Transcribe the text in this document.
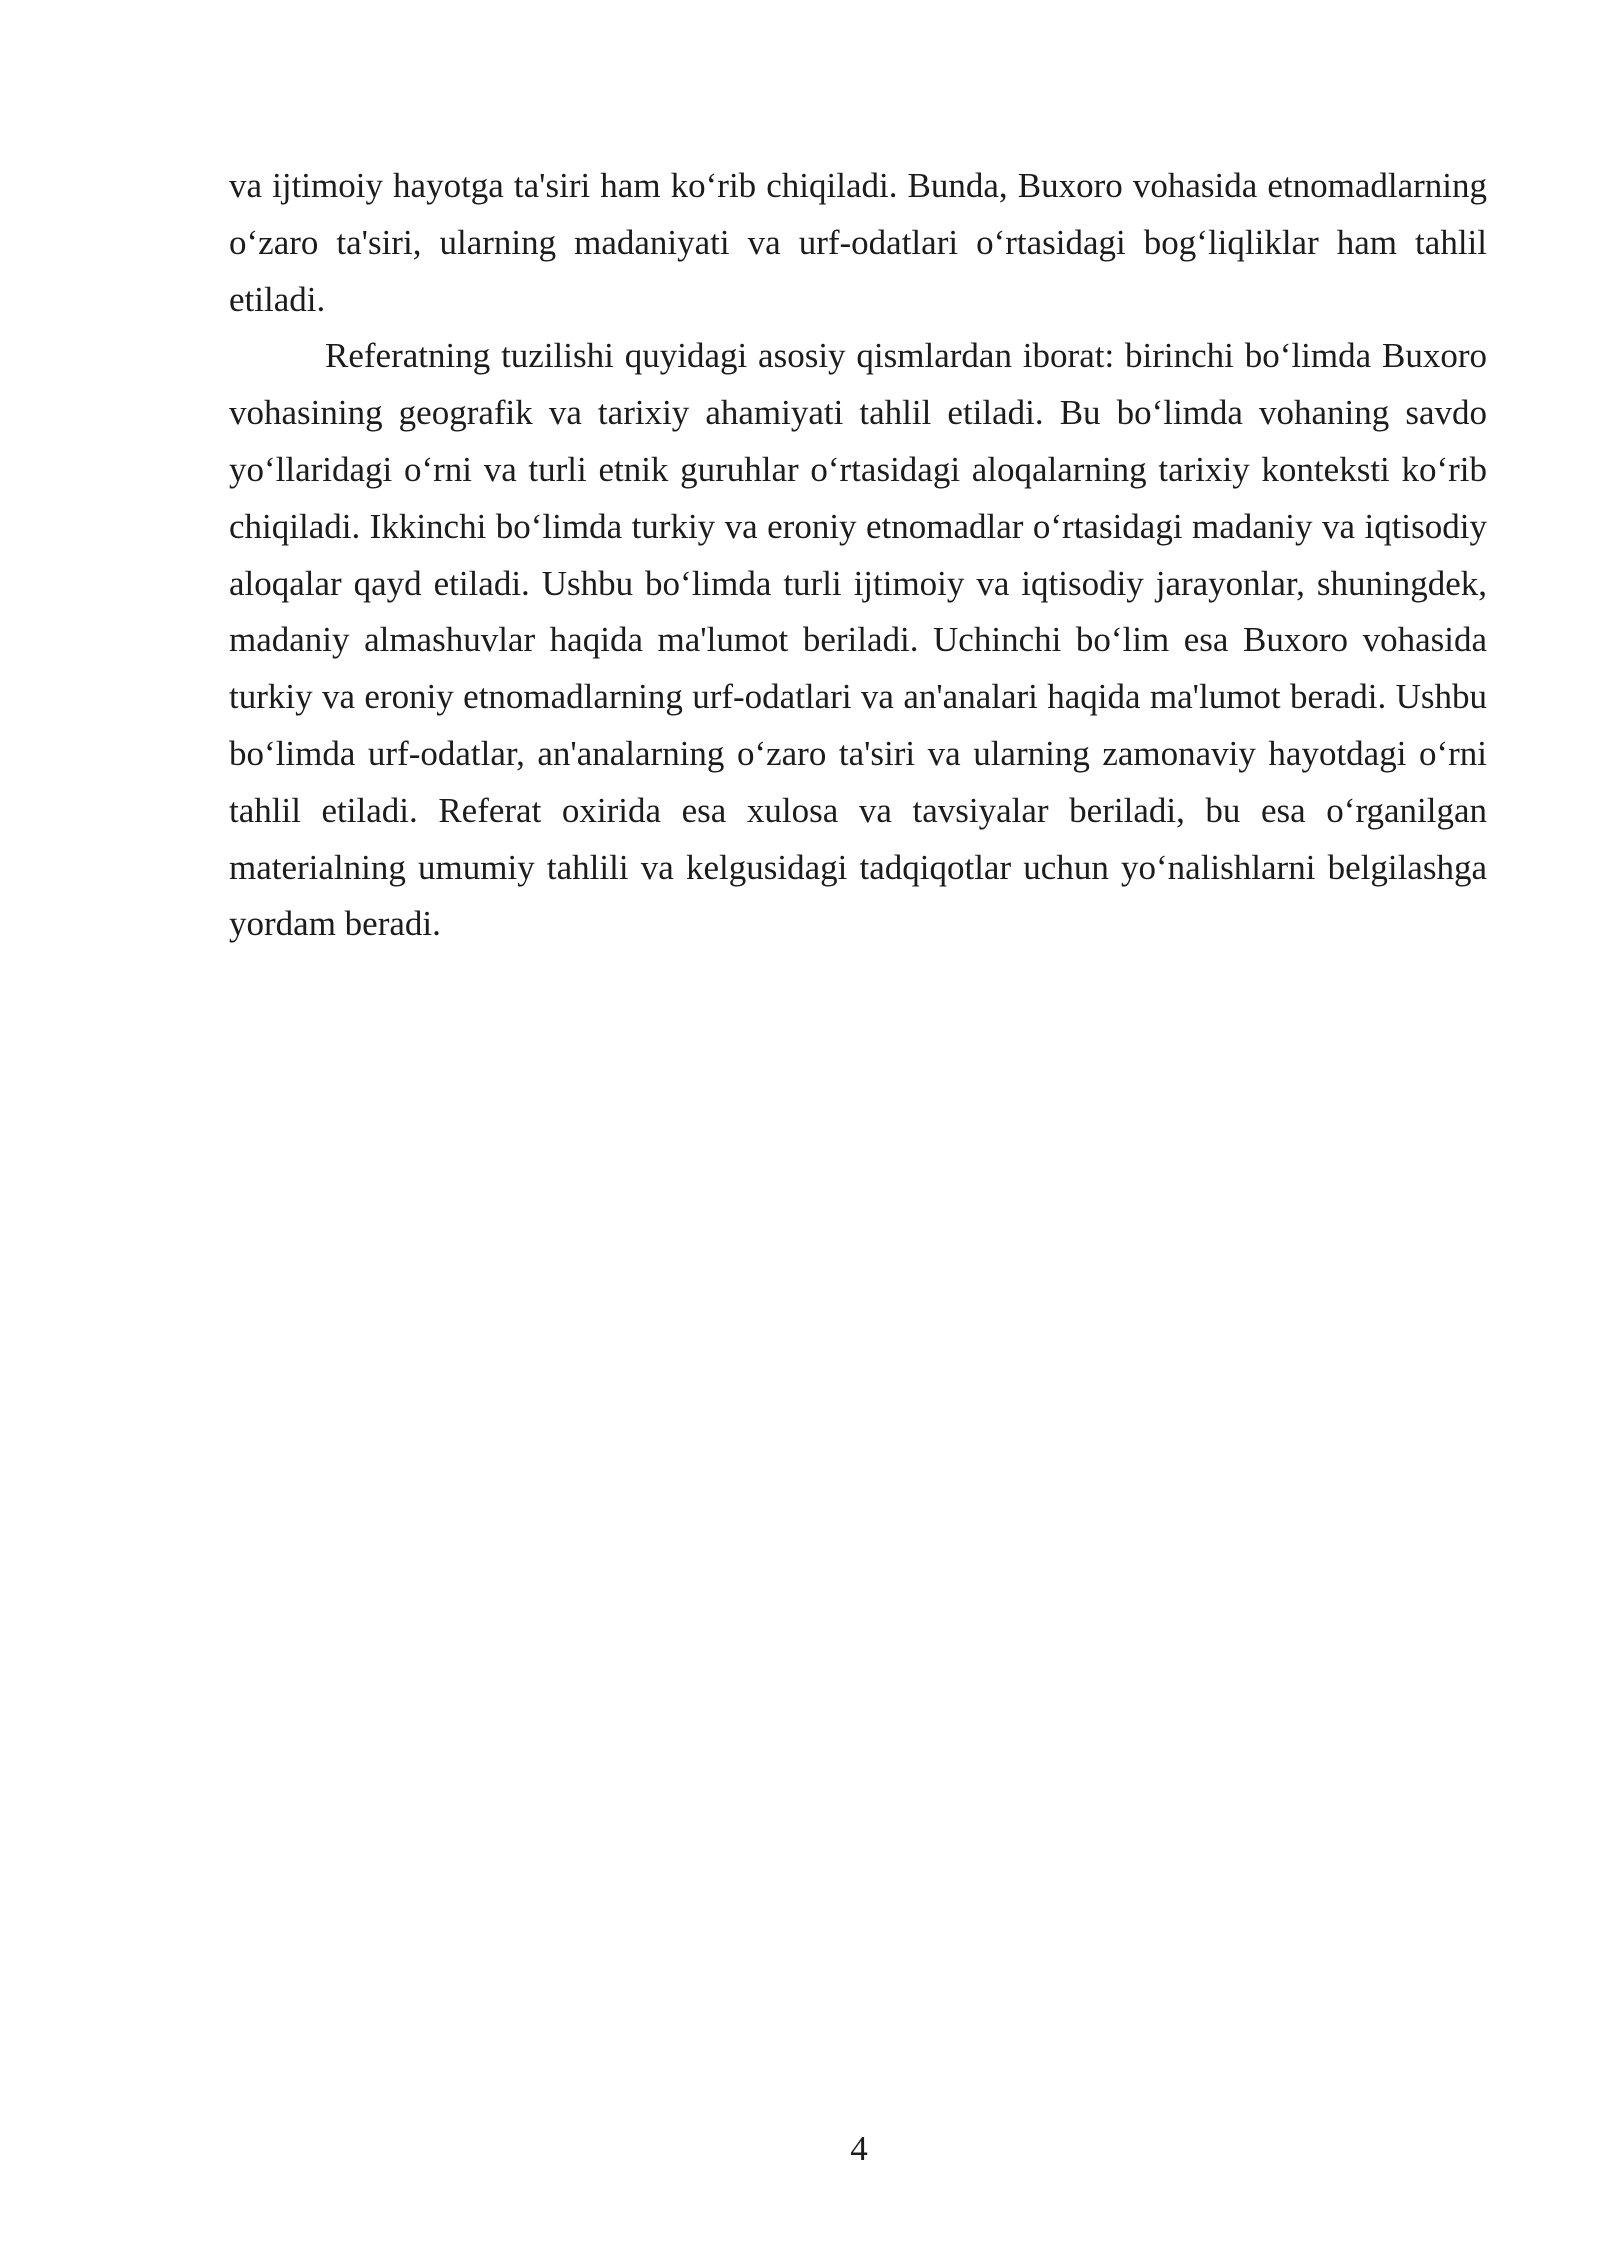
va ijtimoiy hayotga ta'siri ham ko‘rib chiqiladi. Bunda, Buxoro vohasida etnomadlarning o‘zaro ta'siri, ularning madaniyati va urf-odatlari o‘rtasidagi bog‘liqliklar ham tahlil etiladi.

Referatning tuzilishi quyidagi asosiy qismlardan iborat: birinchi bo‘limda Buxoro vohasining geografik va tarixiy ahamiyati tahlil etiladi. Bu bo‘limda vohaning savdo yo‘llaridagi o‘rni va turli etnik guruhlar o‘rtasidagi aloqalarning tarixiy konteksti ko‘rib chiqiladi. Ikkinchi bo‘limda turkiy va eroniy etnomadlar o‘rtasidagi madaniy va iqtisodiy aloqalar qayd etiladi. Ushbu bo‘limda turli ijtimoiy va iqtisodiy jarayonlar, shuningdek, madaniy almashuvlar haqida ma'lumot beriladi. Uchinchi bo‘lim esa Buxoro vohasida turkiy va eroniy etnomadlarning urf-odatlari va an'analari haqida ma'lumot beradi. Ushbu bo‘limda urf-odatlar, an'analarning o‘zaro ta'siri va ularning zamonaviy hayotdagi o‘rni tahlil etiladi. Referat oxirida esa xulosa va tavsiyalar beriladi, bu esa o‘rganilgan materialning umumiy tahlili va kelgusidagi tadqiqotlar uchun yo‘nalishlarni belgilashga yordam beradi.

4
